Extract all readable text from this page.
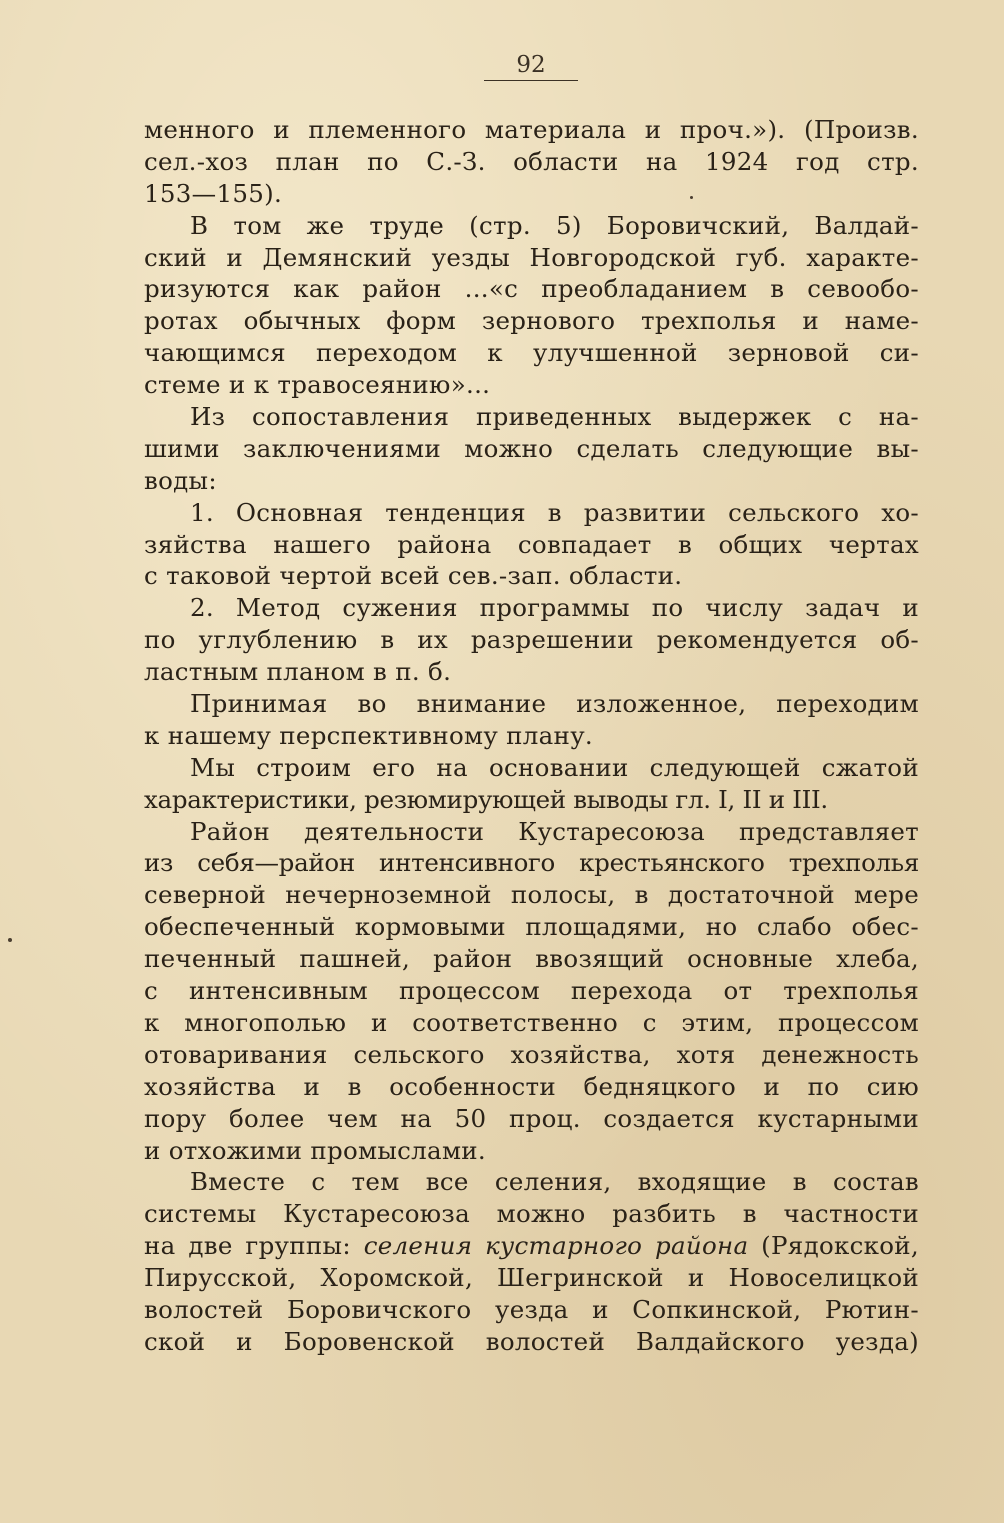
92
менного и племенного материала и проч.»). (Произв.
сел.-хоз план по С.-З. области на 1924 год стр.
153—155).
В том же труде (стр. 5) Боровичский, Валдай-
ский и Демянский уезды Новгородской губ. характе-
ризуются как район ...«с преобладанием в севообо-
ротах обычных форм зернового трехполья и наме-
чающимся переходом к улучшенной зерновой си-
стеме и к травосеянию»...
Из сопоставления приведенных выдержек с на-
шими заключениями можно сделать следующие вы-
воды:
1. Основная тенденция в развитии сельского хо-
зяйства нашего района совпадает в общих чертах
с таковой чертой всей сев.-зап. области.
2. Метод сужения программы по числу задач и
по углублению в их разрешении рекомендуется об-
ластным планом в п. б.
Принимая во внимание изложенное, переходим
к нашему перспективному плану.
Мы строим его на основании следующей сжатой
характеристики, резюмирующей выводы гл. I, II и III.
Район деятельности Кустаресоюза представляет
из себя—район интенсивного крестьянского трехполья
северной нечерноземной полосы, в достаточной мере
обеспеченный кормовыми площадями, но слабо обес-
печенный пашней, район ввозящий основные хлеба,
с интенсивным процессом перехода от трехполья
к многополью и соответственно с этим, процессом
отоваривания сельского хозяйства, хотя денежность
хозяйства и в особенности бедняцкого и по сию
пору более чем на 50 проц. создается кустарными
и отхожими промыслами.
Вместе с тем все селения, входящие в состав
системы Кустаресоюза можно разбить в частности
на две группы: селения кустарного района (Рядокской,
Пирусской, Хоромской, Шегринской и Новоселицкой
волостей Боровичского уезда и Сопкинской, Рютин-
ской и Боровенской волостей Валдайского уезда)
